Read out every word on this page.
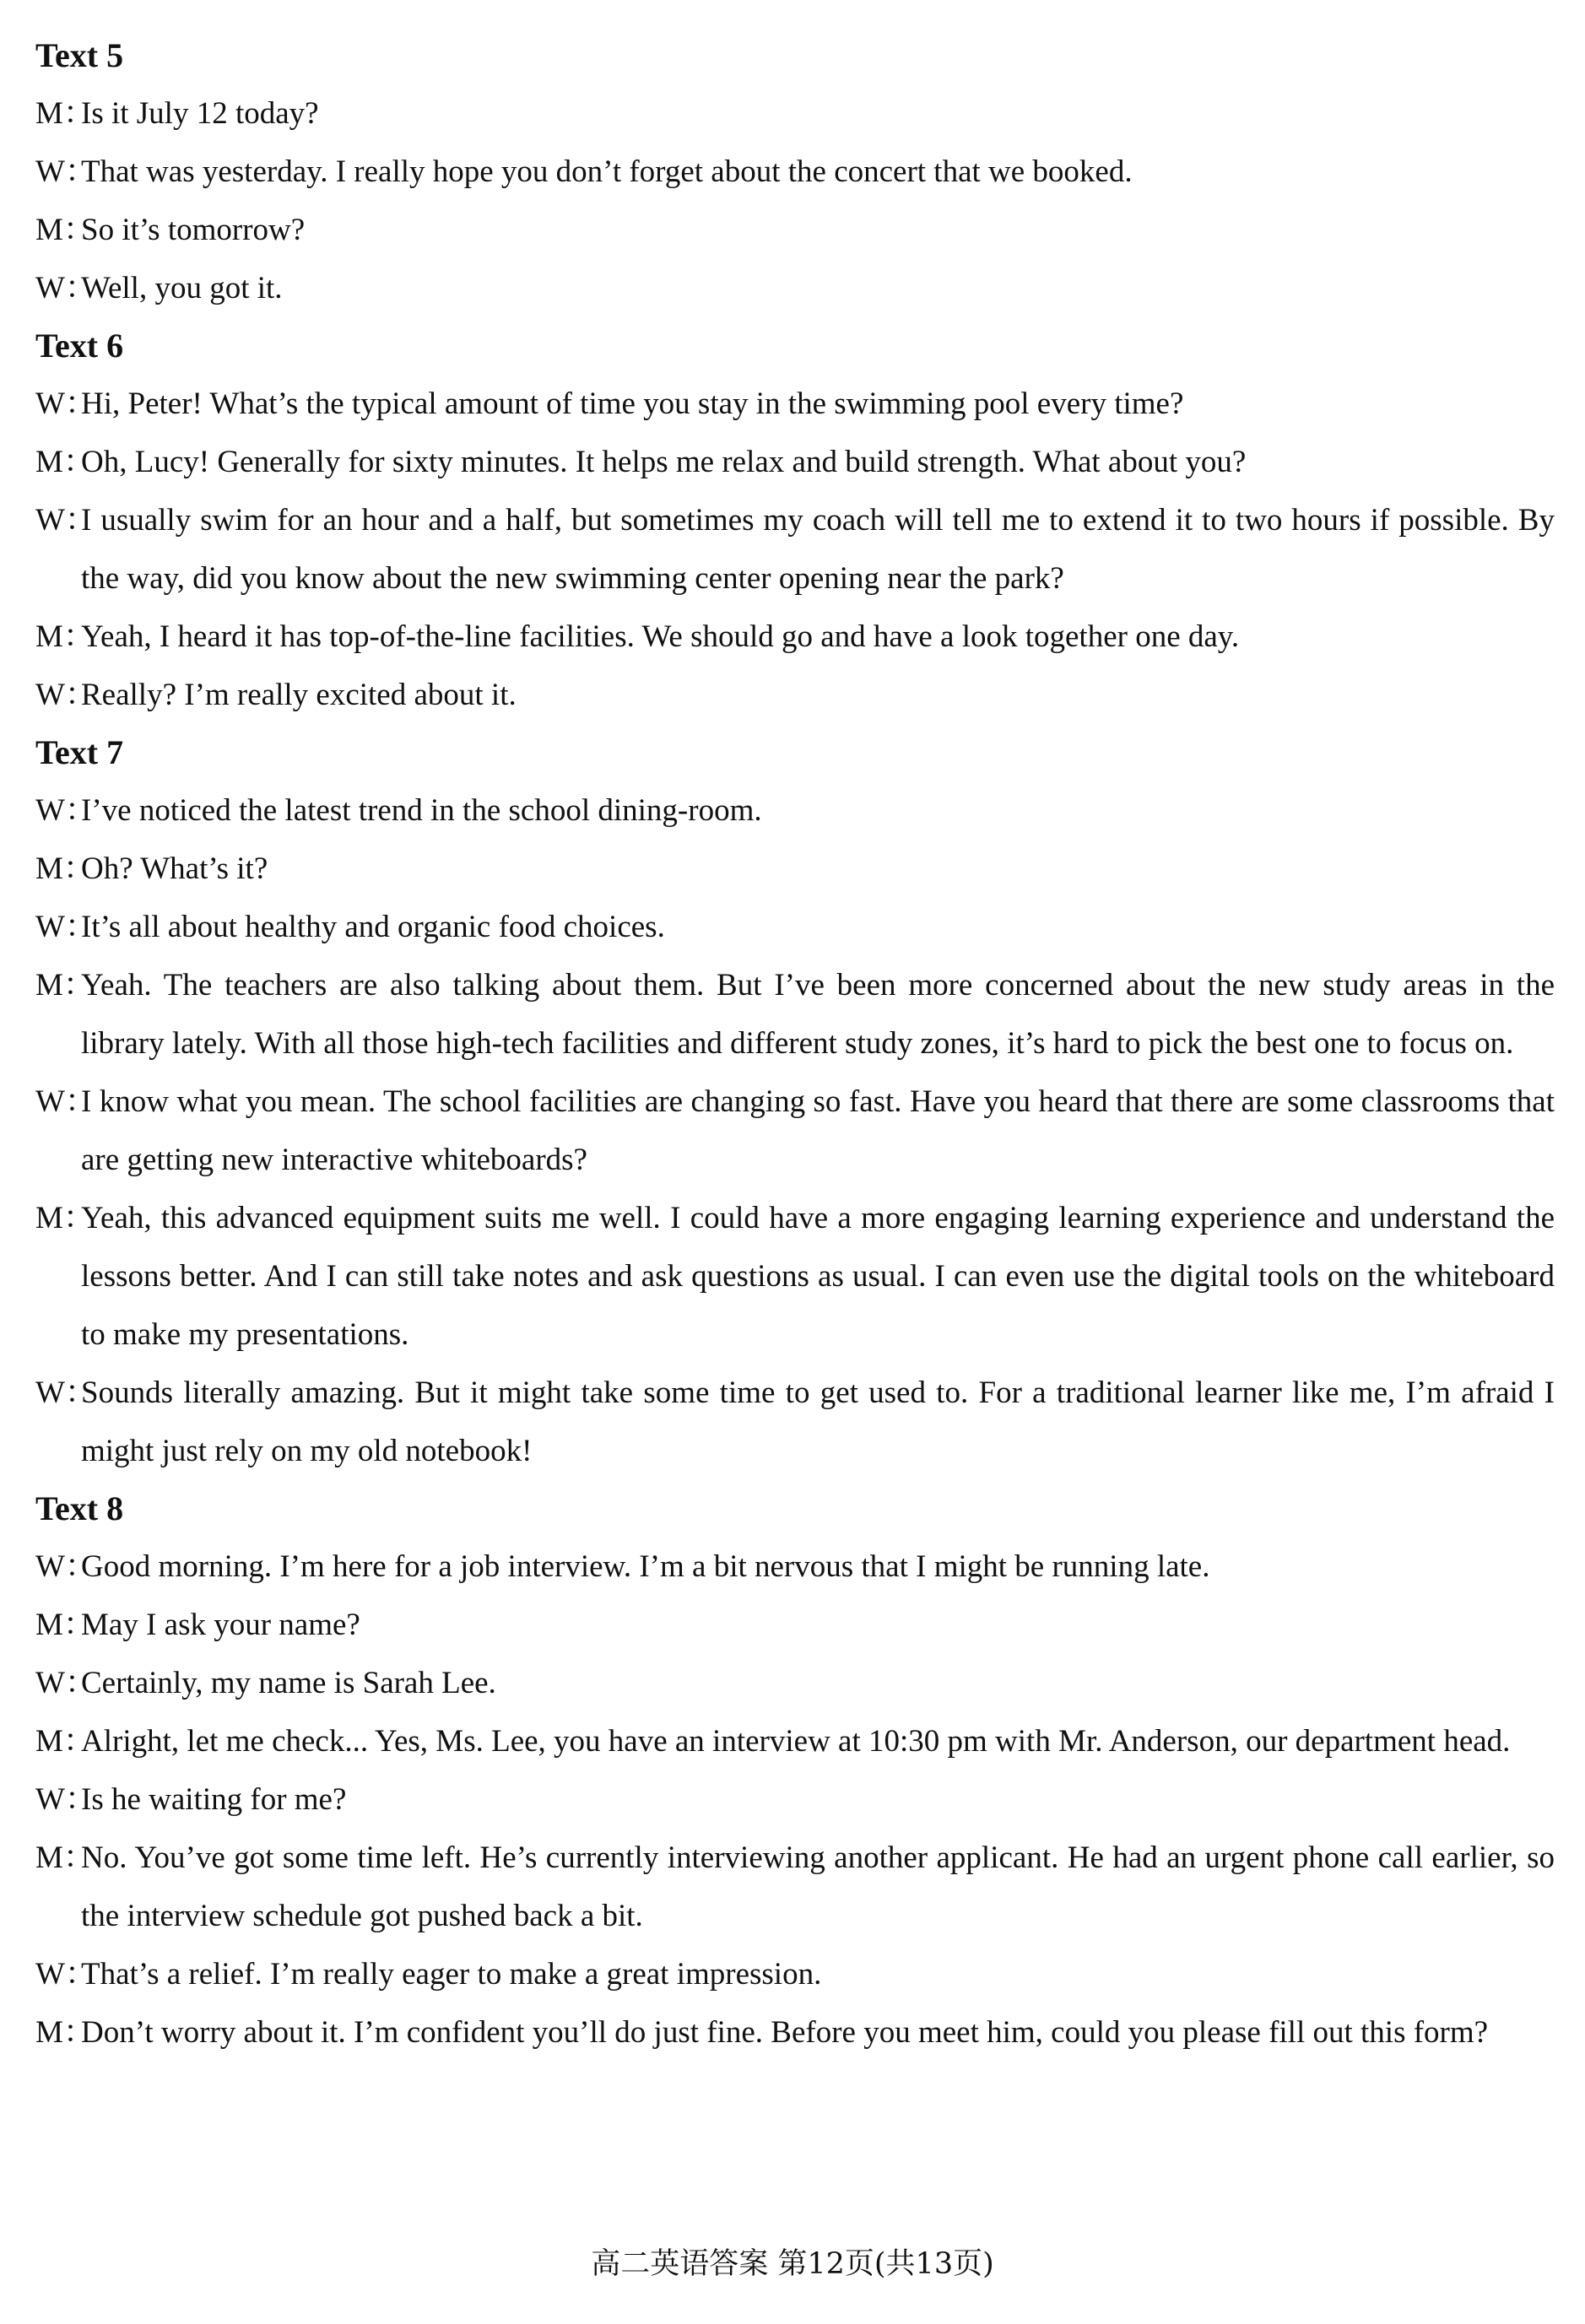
Text 5
M：Is it July 12 today?
W：That was yesterday. I really hope you don’t forget about the concert that we booked.
M：So it’s tomorrow?
W：Well, you got it.
Text 6
W：Hi, Peter! What’s the typical amount of time you stay in the swimming pool every time?
M：Oh, Lucy! Generally for sixty minutes. It helps me relax and build strength. What about you?
W：I usually swim for an hour and a half, but sometimes my coach will tell me to extend it to two hours if possible. By the way, did you know about the new swimming center opening near the park?
M：Yeah, I heard it has top-of-the-line facilities. We should go and have a look together one day.
W：Really? I’m really excited about it.
Text 7
W：I’ve noticed the latest trend in the school dining-room.
M：Oh? What’s it?
W：It’s all about healthy and organic food choices.
M：Yeah. The teachers are also talking about them. But I’ve been more concerned about the new study areas in the library lately. With all those high-tech facilities and different study zones, it’s hard to pick the best one to focus on.
W：I know what you mean. The school facilities are changing so fast. Have you heard that there are some classrooms that are getting new interactive whiteboards?
M：Yeah, this advanced equipment suits me well. I could have a more engaging learning experience and understand the lessons better. And I can still take notes and ask questions as usual. I can even use the digital tools on the whiteboard to make my presentations.
W：Sounds literally amazing. But it might take some time to get used to. For a traditional learner like me, I’m afraid I might just rely on my old notebook!
Text 8
W：Good morning. I’m here for a job interview. I’m a bit nervous that I might be running late.
M：May I ask your name?
W：Certainly, my name is Sarah Lee.
M：Alright, let me check... Yes, Ms. Lee, you have an interview at 10:30 pm with Mr. Anderson, our department head.
W：Is he waiting for me?
M：No. You’ve got some time left. He’s currently interviewing another applicant. He had an urgent phone call earlier, so the interview schedule got pushed back a bit.
W：That’s a relief. I’m really eager to make a great impression.
M：Don’t worry about it. I’m confident you’ll do just fine. Before you meet him, could you please fill out this form?
高二英语答案 第12页(共13页)
